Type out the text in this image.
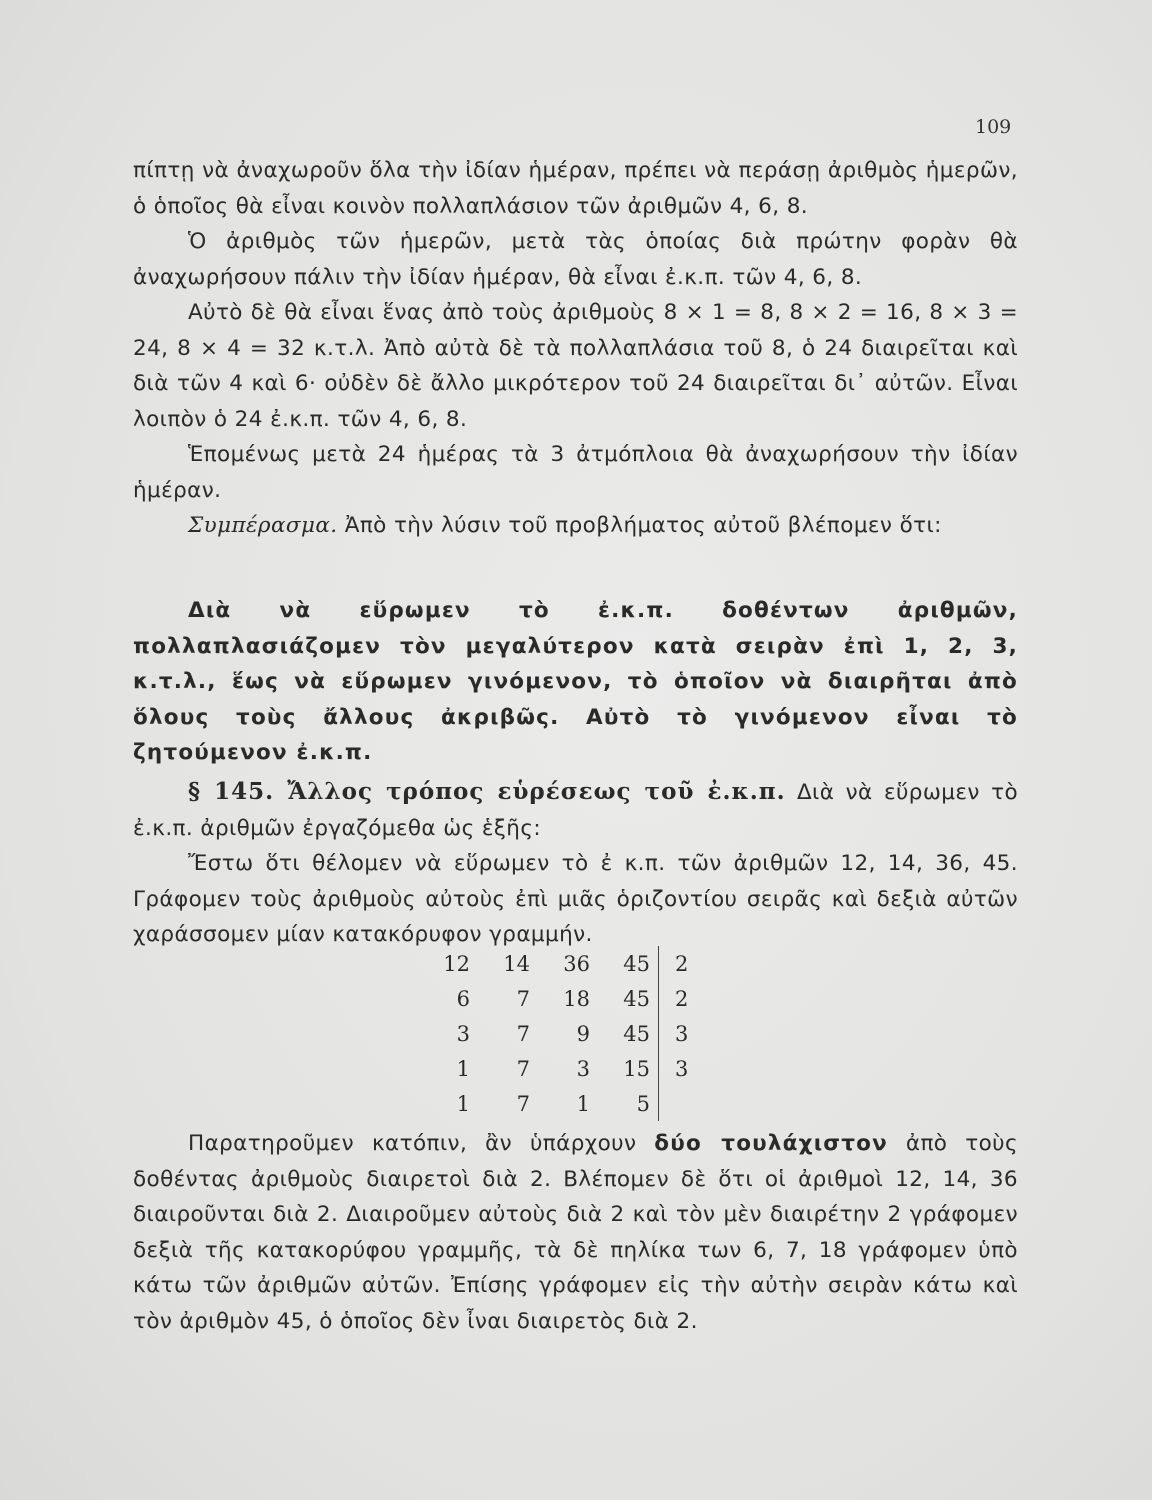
109

πίπτῃ νὰ ἀναχωροῦν ὅλα τὴν ἰδίαν ἡμέραν, πρέπει νὰ περάσῃ ἀριθμὸς ἡμερῶν, ὁ ὁποῖος θὰ εἶναι κοινὸν πολλαπλάσιον τῶν ἀριθμῶν 4, 6, 8.

Ὁ ἀριθμὸς τῶν ἡμερῶν, μετὰ τὰς ὁποίας διὰ πρώτην φορὰν θὰ ἀναχωρήσουν πάλιν τὴν ἰδίαν ἡμέραν, θὰ εἶναι ἐ.κ.π. τῶν 4, 6, 8.

Αὐτὸ δὲ θὰ εἶναι ἕνας ἀπὸ τοὺς ἀριθμοὺς 8 × 1 = 8, 8 × 2 = 16, 8 × 3 = 24, 8 × 4 = 32 κ.τ.λ. Ἀπὸ αὐτὰ δὲ τὰ πολλαπλάσια τοῦ 8, ὁ 24 διαιρεῖται καὶ διὰ τῶν 4 καὶ 6· οὐδὲν δὲ ἄλλο μικρότερον τοῦ 24 διαιρεῖται δι᾽ αὐτῶν. Εἶναι λοιπὸν ὁ 24 ἐ.κ.π. τῶν 4, 6, 8.

Ἑπομένως μετὰ 24 ἡμέρας τὰ 3 ἀτμόπλοια θὰ ἀναχωρήσουν τὴν ἰδίαν ἡμέραν.

Συμπέρασμα. Ἀπὸ τὴν λύσιν τοῦ προβλήματος αὐτοῦ βλέπομεν ὅτι:

Διὰ νὰ εὕρωμεν τὸ ἐ.κ.π. δοθέντων ἀριθμῶν, πολλαπλασιάζομεν τὸν μεγαλύτερον κατὰ σειρὰν ἐπὶ 1, 2, 3, κ.τ.λ., ἕως νὰ εὕρωμεν γινόμενον, τὸ ὁποῖον νὰ διαιρῆται ἀπὸ ὅλους τοὺς ἄλλους ἀκριβῶς. Αὐτὸ τὸ γινόμενον εἶναι τὸ ζητούμενον ἐ.κ.π.

§ 145. Ἄλλος τρόπος εὑρέσεως τοῦ ἐ.κ.π. Διὰ νὰ εὕρωμεν τὸ ἐ.κ.π. ἀριθμῶν ἐργαζόμεθα ὡς ἑξῆς:

Ἔστω ὅτι θέλομεν νὰ εὕρωμεν τὸ ἐ κ.π. τῶν ἀριθμῶν 12, 14, 36, 45. Γράφομεν τοὺς ἀριθμοὺς αὐτοὺς ἐπὶ μιᾶς ὁριζοντίου σειρᾶς καὶ δεξιὰ αὐτῶν χαράσσομεν μίαν κατακόρυφον γραμμήν.

12	14	36	45		2
6	7	18	45		2
3	7	9	45		3
1	7	3	15		3
1	7	1	5		

Παρατηροῦμεν κατόπιν, ἂν ὑπάρχουν δύο τουλάχιστον ἀπὸ τοὺς δοθέντας ἀριθμοὺς διαιρετοὶ διὰ 2. Βλέπομεν δὲ ὅτι οἱ ἀριθμοὶ 12, 14, 36 διαιροῦνται διὰ 2. Διαιροῦμεν αὐτοὺς διὰ 2 καὶ τὸν μὲν διαιρέτην 2 γράφομεν δεξιὰ τῆς κατακορύφου γραμμῆς, τὰ δὲ πηλίκα των 6, 7, 18 γράφομεν ὑπὸ κάτω τῶν ἀριθμῶν αὐτῶν. Ἐπίσης γράφομεν εἰς τὴν αὐτὴν σειρὰν κάτω καὶ τὸν ἀριθμὸν 45, ὁ ὁποῖος δὲν ἶναι διαιρετὸς διὰ 2.
